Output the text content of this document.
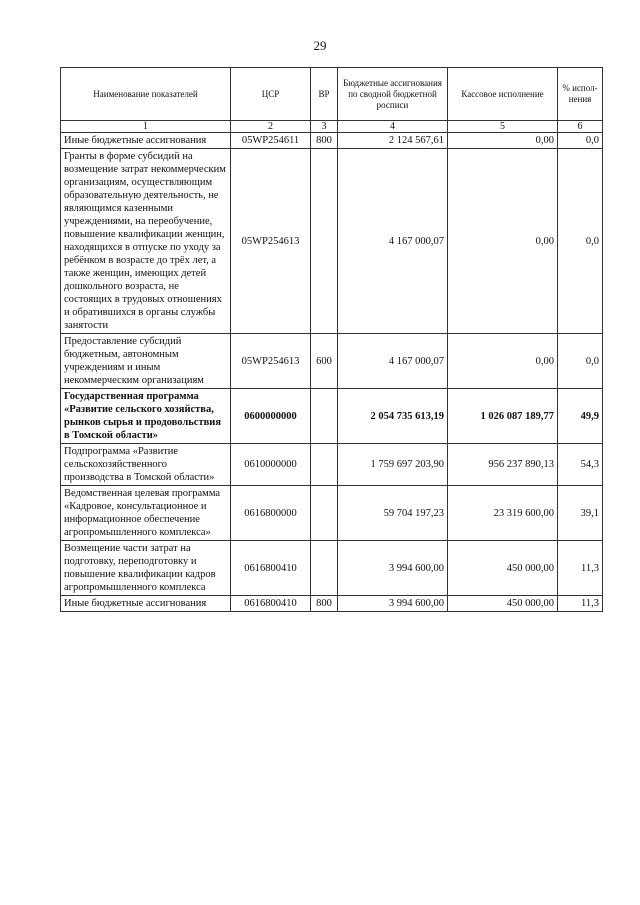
29
Наименование показателей	ЦСР	ВР	Бюджетные ассигнования по сводной бюджетной росписи	Кассовое исполнение	% испол-нения
1	2	3	4	5	6
Иные бюджетные ассигнования	05WP254611	800	2 124 567,61	0,00	0,0
Гранты в форме субсидий на возмещение затрат некоммерческим организациям, осуществляющим образовательную деятельность, не являющимся казенными учреждениями, на переобучение, повышение квалификации женщин, находящихся в отпуске по уходу за ребёнком в возрасте до трёх лет, а также женщин, имеющих детей дошкольного возраста, не состоящих в трудовых отношениях и обратившихся в органы службы занятости	05WP254613		4 167 000,07	0,00	0,0
Предоставление субсидий бюджетным, автономным учреждениям и иным некоммерческим организациям	05WP254613	600	4 167 000,07	0,00	0,0
Государственная программа «Развитие сельского хозяйства, рынков сырья и продовольствия в Томской области»	0600000000		2 054 735 613,19	1 026 087 189,77	49,9
Подпрограмма «Развитие сельскохозяйственного производства в Томской области»	0610000000		1 759 697 203,90	956 237 890,13	54,3
Ведомственная целевая программа «Кадровое, консультационное и информационное обеспечение агропромышленного комплекса»	0616800000		59 704 197,23	23 319 600,00	39,1
Возмещение части затрат на подготовку, переподготовку и повышение квалификации кадров агропромышленного комплекса	0616800410		3 994 600,00	450 000,00	11,3
Иные бюджетные ассигнования	0616800410	800	3 994 600,00	450 000,00	11,3
